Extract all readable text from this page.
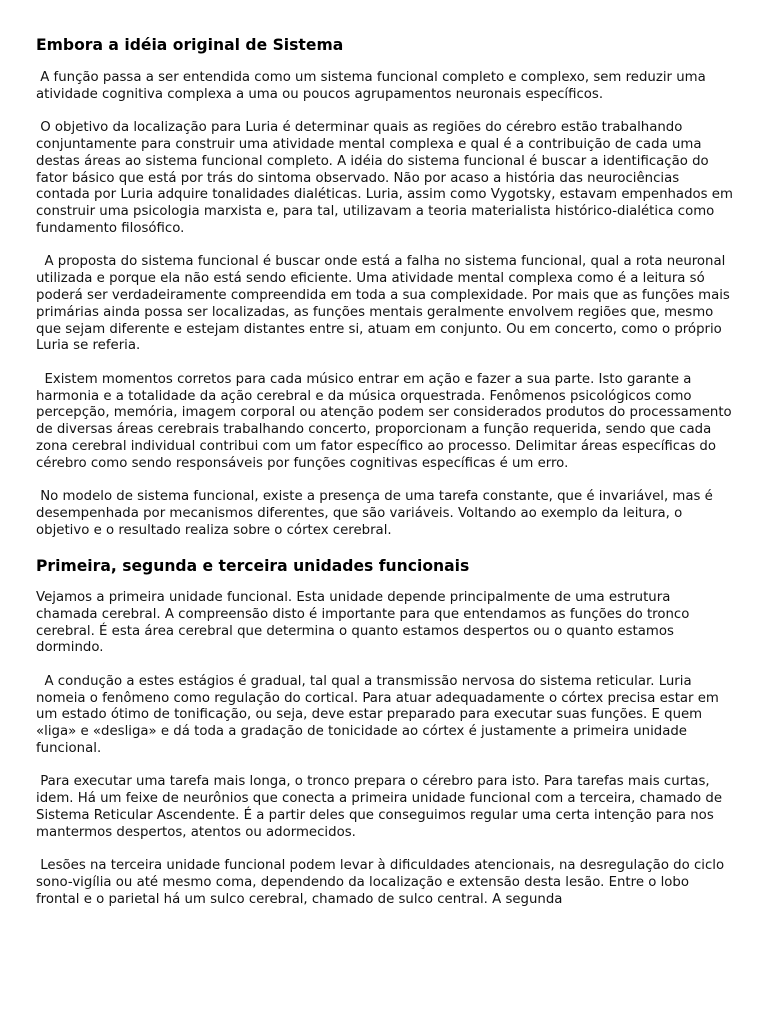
Embora a idéia original de Sistema

A função passa a ser entendida como um sistema funcional completo e complexo, sem reduzir uma atividade cognitiva complexa a uma ou poucos agrupamentos neuronais específicos.

O objetivo da localização para Luria é determinar quais as regiões do cérebro estão trabalhando conjuntamente para construir uma atividade mental complexa e qual é a contribuição de cada uma destas áreas ao sistema funcional completo. A idéia do sistema funcional é buscar a identificação do fator básico que está por trás do sintoma observado. Não por acaso a história das neurociências contada por Luria adquire tonalidades dialéticas. Luria, assim como Vygotsky, estavam empenhados em construir uma psicologia marxista e, para tal, utilizavam a teoria materialista histórico-dialética como fundamento filosófico.

A proposta do sistema funcional é buscar onde está a falha no sistema funcional, qual a rota neuronal utilizada e porque ela não está sendo eficiente. Uma atividade mental complexa como é a leitura só poderá ser verdadeiramente compreendida em toda a sua complexidade. Por mais que as funções mais primárias ainda possa ser localizadas, as funções mentais geralmente envolvem regiões que, mesmo que sejam diferente e estejam distantes entre si, atuam em conjunto. Ou em concerto, como o próprio Luria se referia.

Existem momentos corretos para cada músico entrar em ação e fazer a sua parte. Isto garante a harmonia e a totalidade da ação cerebral e da música orquestrada. Fenômenos psicológicos como percepção, memória, imagem corporal ou atenção podem ser considerados produtos do processamento de diversas áreas cerebrais trabalhando concerto, proporcionam a função requerida, sendo que cada zona cerebral individual contribui com um fator específico ao processo. Delimitar áreas específicas do cérebro como sendo responsáveis por funções cognitivas específicas é um erro.

No modelo de sistema funcional, existe a presença de uma tarefa constante, que é invariável, mas é desempenhada por mecanismos diferentes, que são variáveis. Voltando ao exemplo da leitura, o objetivo e o resultado realiza sobre o córtex cerebral.

Primeira, segunda e terceira unidades funcionais

Vejamos a primeira unidade funcional. Esta unidade depende principalmente de uma estrutura chamada cerebral. A compreensão disto é importante para que entendamos as funções do tronco cerebral. É esta área cerebral que determina o quanto estamos despertos ou o quanto estamos dormindo.

A condução a estes estágios é gradual, tal qual a transmissão nervosa do sistema reticular. Luria nomeia o fenômeno como regulação do cortical. Para atuar adequadamente o córtex precisa estar em um estado ótimo de tonificação, ou seja, deve estar preparado para executar suas funções. E quem «liga» e «desliga» e dá toda a gradação de tonicidade ao córtex é justamente a primeira unidade funcional.

Para executar uma tarefa mais longa, o tronco prepara o cérebro para isto. Para tarefas mais curtas, idem. Há um feixe de neurônios que conecta a primeira unidade funcional com a terceira, chamado de Sistema Reticular Ascendente. É a partir deles que conseguimos regular uma certa intenção para nos mantermos despertos, atentos ou adormecidos.

Lesões na terceira unidade funcional podem levar à dificuldades atencionais, na desregulação do ciclo sono-vigília ou até mesmo coma, dependendo da localização e extensão desta lesão. Entre o lobo frontal e o parietal há um sulco cerebral, chamado de sulco central. A segunda
